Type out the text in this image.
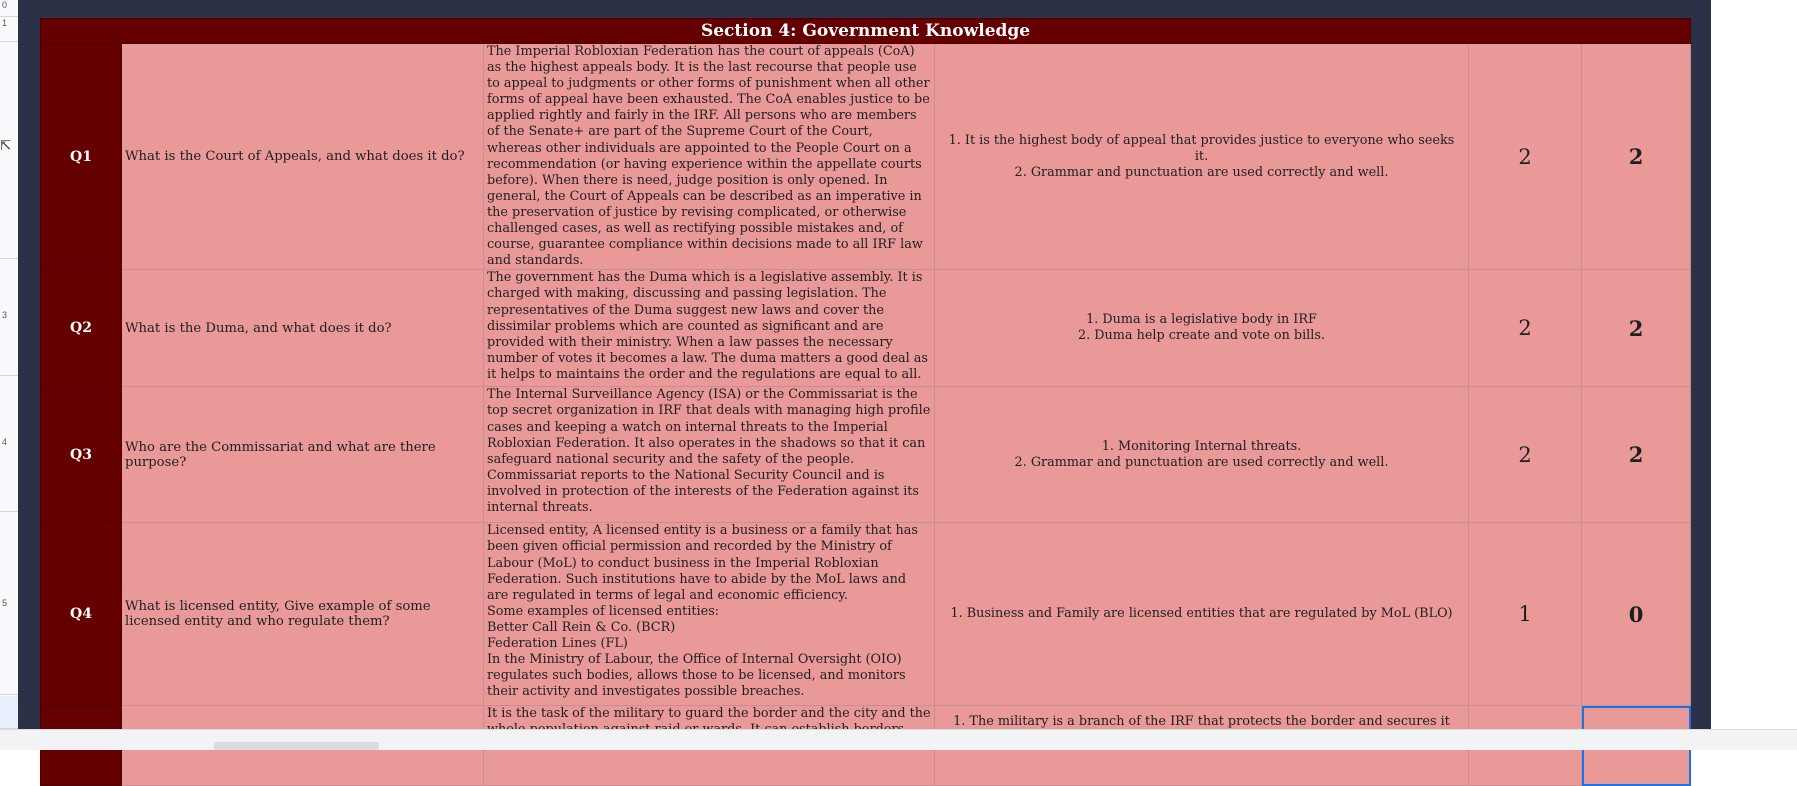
0
1
3
4
5
⇱
Section 4: Government Knowledge					
Q1	What is the Court of Appeals, and what does it do?	The Imperial Robloxian Federation has the court of appeals (CoA) as the highest appeals body. It is the last recourse that people use to appeal to judgments or other forms of punishment when all other forms of appeal have been exhausted. The CoA enables justice to be applied rightly and fairly in the IRF. All persons who are members of the Senate+ are part of the Supreme Court of the Court, whereas other individuals are appointed to the People Court on a recommendation (or having experience within the appellate courts before). When there is need, judge position is only opened. In general, the Court of Appeals can be described as an imperative in the preservation of justice by revising complicated, or otherwise challenged cases, as well as rectifying possible mistakes and, of course, guarantee compliance within decisions made to all IRF law and standards.	1. It is the highest body of appeal that provides justice to everyone who seeks it.
2. Grammar and punctuation are used correctly and well.	2	2
Q2	What is the Duma, and what does it do?	The government has the Duma which is a legislative assembly. It is charged with making, discussing and passing legislation. The representatives of the Duma suggest new laws and cover the dissimilar problems which are counted as significant and are provided with their ministry. When a law passes the necessary number of votes it becomes a law. The duma matters a good deal as it helps to maintains the order and the regulations are equal to all.	1. Duma is a legislative body in IRF
2. Duma help create and vote on bills.	2	2
Q3	Who are the Commissariat and what are there purpose?	The Internal Surveillance Agency (ISA) or the Commissariat is the top secret organization in IRF that deals with managing high profile cases and keeping a watch on internal threats to the Imperial Robloxian Federation. It also operates in the shadows so that it can safeguard national security and the safety of the people. Commissariat reports to the National Security Council and is involved in protection of the interests of the Federation against its internal threats.	1. Monitoring Internal threats.
2. Grammar and punctuation are used correctly and well.	2	2
Q4	What is licensed entity, Give example of some licensed entity and who regulate them?	Licensed entity, A licensed entity is a business or a family that has been given official permission and recorded by the Ministry of Labour (MoL) to conduct business in the Imperial Robloxian Federation. Such institutions have to abide by the MoL laws and are regulated in terms of legal and economic efficiency.
Some examples of licensed entities:
Better Call Rein & Co. (BCR)
Federation Lines (FL)
In the Ministry of Labour, the Office of Internal Oversight (OIO) regulates such bodies, allows those to be licensed, and monitors their activity and investigates possible breaches.	1. Business and Family are licensed entities that are regulated by MoL (BLO)	1	0
		It is the task of the military to guard the border and the city and the	1. The military is a branch of the IRF that protects the border and secures it		
